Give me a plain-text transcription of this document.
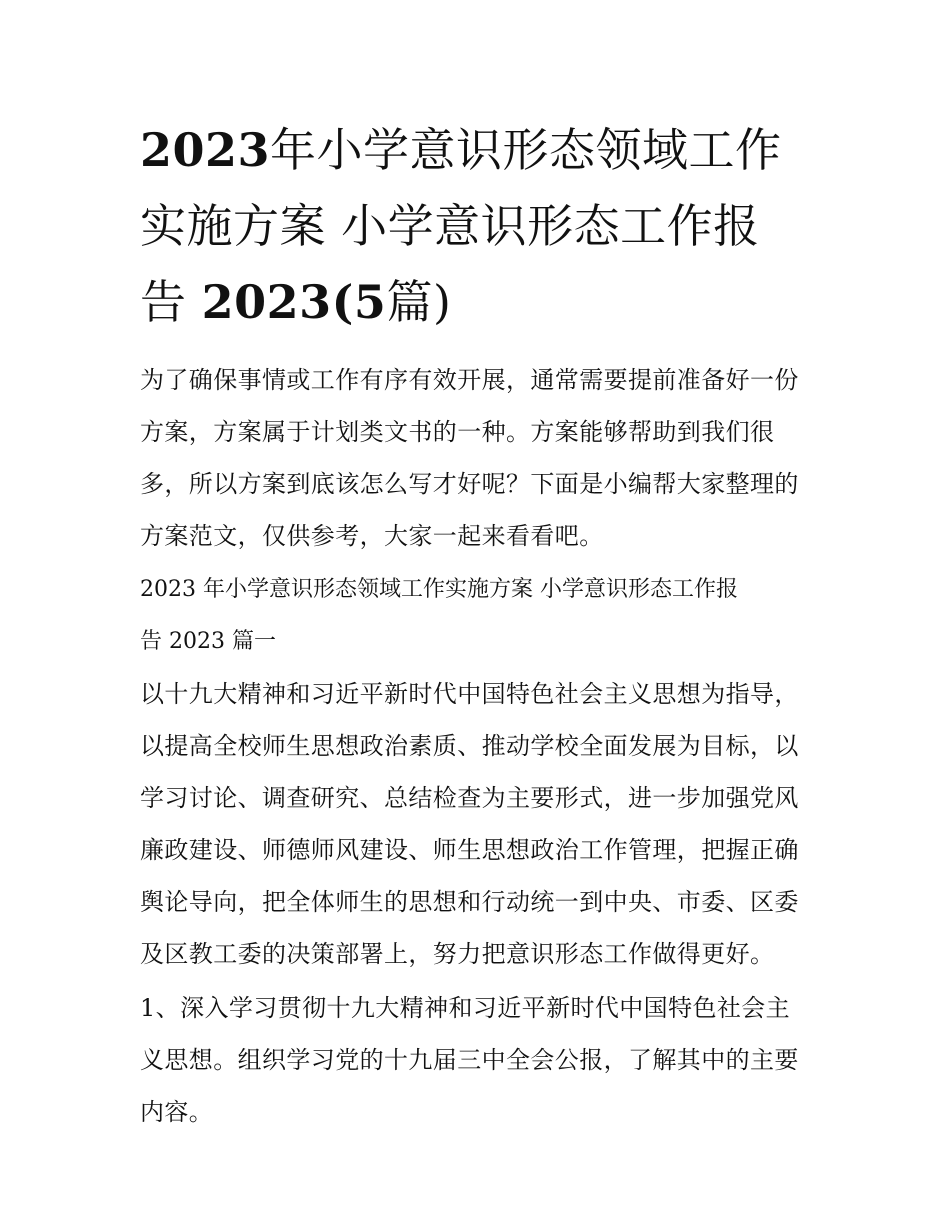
2023年小学意识形态领域工作
实施方案 小学意识形态工作报
告 2023(5篇)

为了确保事情或工作有序有效开展，通常需要提前准备好一份
方案，方案属于计划类文书的一种。方案能够帮助到我们很
多，所以方案到底该怎么写才好呢？下面是小编帮大家整理的
方案范文，仅供参考，大家一起来看看吧。

2023 年小学意识形态领域工作实施方案 小学意识形态工作报
告 2023 篇一

以十九大精神和习近平新时代中国特色社会主义思想为指导，
以提高全校师生思想政治素质、推动学校全面发展为目标，以
学习讨论、调查研究、总结检查为主要形式，进一步加强党风
廉政建设、师德师风建设、师生思想政治工作管理，把握正确
舆论导向，把全体师生的思想和行动统一到中央、市委、区委
及区教工委的决策部署上，努力把意识形态工作做得更好。

1、深入学习贯彻十九大精神和习近平新时代中国特色社会主
义思想。组织学习党的十九届三中全会公报，了解其中的主要
内容。
